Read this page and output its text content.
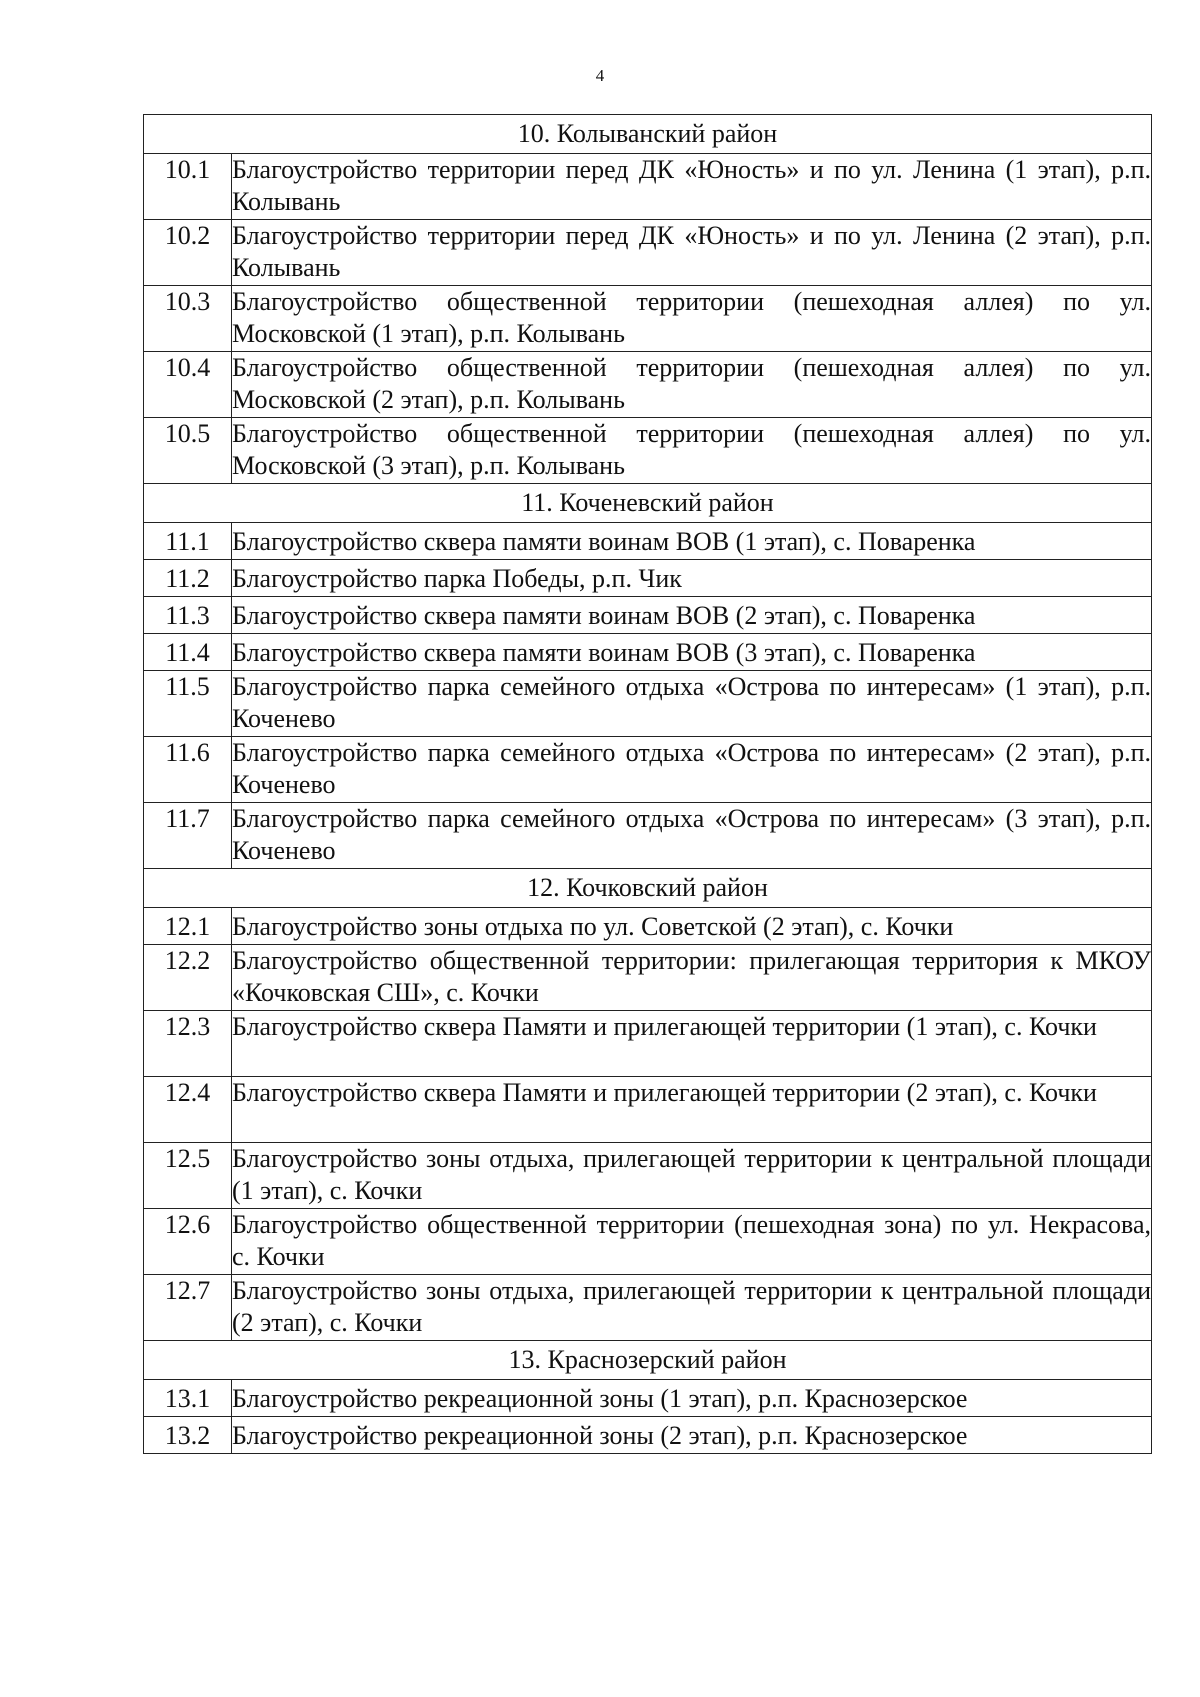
4
10. Колыванский район	
10.1	Благоустройство территории перед ДК «Юность» и по ул. Ленина (1 этап), р.п. Колывань
10.2	Благоустройство территории перед ДК «Юность» и по ул. Ленина (2 этап), р.п. Колывань
10.3	Благоустройство общественной территории (пешеходная аллея) по ул. Московской (1 этап), р.п. Колывань
10.4	Благоустройство общественной территории (пешеходная аллея) по ул. Московской (2 этап), р.п. Колывань
10.5	Благоустройство общественной территории (пешеходная аллея) по ул. Московской (3 этап), р.п. Колывань
11. Коченевский район	
11.1	Благоустройство сквера памяти воинам ВОВ (1 этап), с. Поваренка
11.2	Благоустройство парка Победы, р.п. Чик
11.3	Благоустройство сквера памяти воинам ВОВ (2 этап), с. Поваренка
11.4	Благоустройство сквера памяти воинам ВОВ (3 этап), с. Поваренка
11.5	Благоустройство парка семейного отдыха «Острова по интересам» (1 этап), р.п. Коченево
11.6	Благоустройство парка семейного отдыха «Острова по интересам» (2 этап), р.п. Коченево
11.7	Благоустройство парка семейного отдыха «Острова по интересам» (3 этап), р.п. Коченево
12. Кочковский район	
12.1	Благоустройство зоны отдыха по ул. Советской (2 этап), с. Кочки
12.2	Благоустройство общественной территории: прилегающая территория к МКОУ «Кочковская СШ», с. Кочки
12.3	Благоустройство сквера Памяти и прилегающей территории (1 этап), с. Кочки
12.4	Благоустройство сквера Памяти и прилегающей территории (2 этап), с. Кочки
12.5	Благоустройство зоны отдыха, прилегающей территории к центральной площади (1 этап), с. Кочки
12.6	Благоустройство общественной территории (пешеходная зона) по ул. Некрасова, с. Кочки
12.7	Благоустройство зоны отдыха, прилегающей территории к центральной площади (2 этап), с. Кочки
13. Краснозерский район	
13.1	Благоустройство рекреационной зоны (1 этап), р.п. Краснозерское
13.2	Благоустройство рекреационной зоны (2 этап), р.п. Краснозерское
